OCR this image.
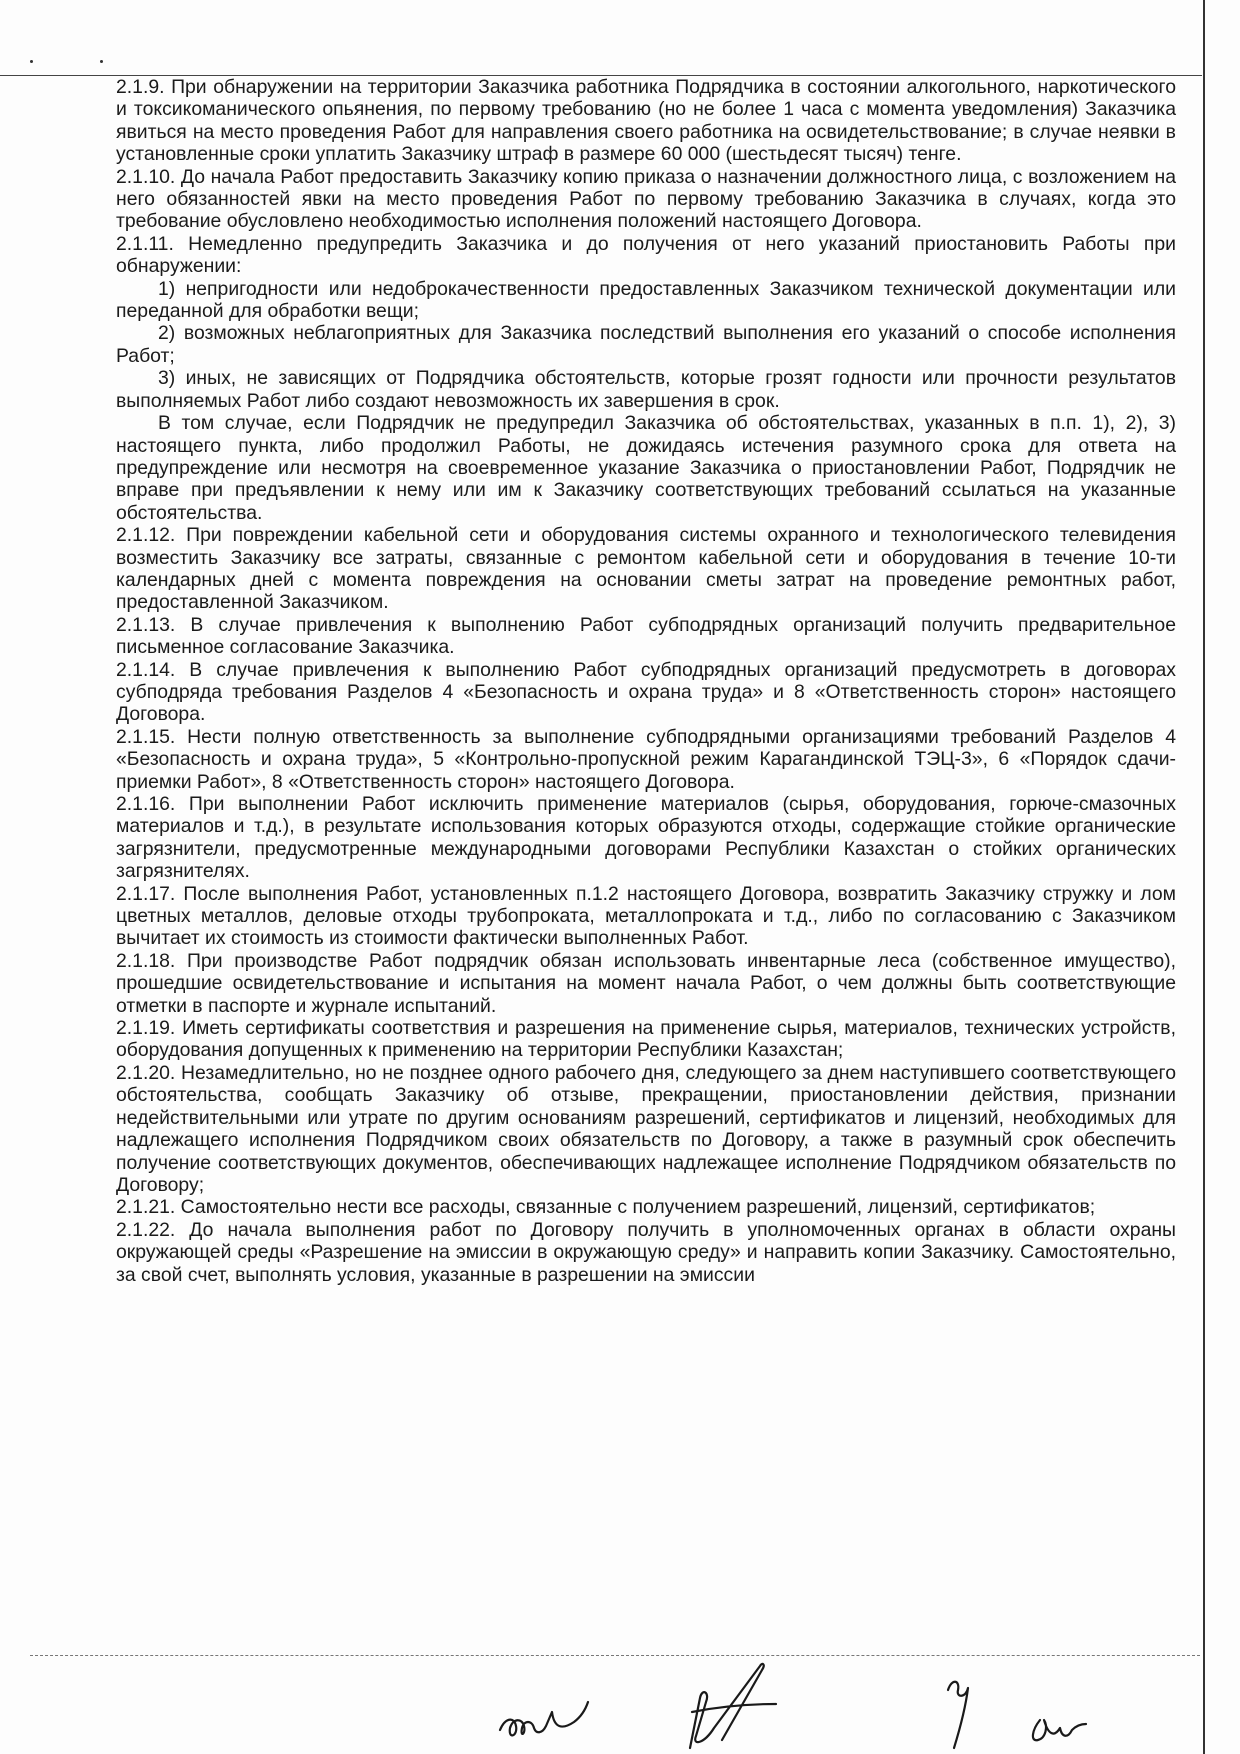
2.1.9. При обнаружении на территории Заказчика работника Подрядчика в состоянии алкогольного, наркотического и токсикоманического опьянения, по первому требованию (но не более 1 часа с момента уведомления) Заказчика явиться на место проведения Работ для направления своего работника на освидетельствование; в случае неявки в установленные сроки уплатить Заказчику штраф в размере 60 000 (шестьдесят тысяч) тенге.

2.1.10. До начала Работ предоставить Заказчику копию приказа о назначении должностного лица, с возложением на него обязанностей явки на место проведения Работ по первому требованию Заказчика в случаях, когда это требование обусловлено необходимостью исполнения положений настоящего Договора.

2.1.11. Немедленно предупредить Заказчика и до получения от него указаний приостановить Работы при обнаружении:

1) непригодности или недоброкачественности предоставленных Заказчиком технической документации или переданной для обработки вещи;

2) возможных неблагоприятных для Заказчика последствий выполнения его указаний о способе исполнения Работ;

3) иных, не зависящих от Подрядчика обстоятельств, которые грозят годности или прочности результатов выполняемых Работ либо создают невозможность их завершения в срок.

В том случае, если Подрядчик не предупредил Заказчика об обстоятельствах, указанных в п.п. 1), 2), 3) настоящего пункта, либо продолжил Работы, не дожидаясь истечения разумного срока для ответа на предупреждение или несмотря на своевременное указание Заказчика о приостановлении Работ, Подрядчик не вправе при предъявлении к нему или им к Заказчику соответствующих требований ссылаться на указанные обстоятельства.

2.1.12. При повреждении кабельной сети и оборудования системы охранного и технологического телевидения возместить Заказчику все затраты, связанные с ремонтом кабельной сети и оборудования в течение 10-ти календарных дней с момента повреждения на основании сметы затрат на проведение ремонтных работ, предоставленной Заказчиком.

2.1.13. В случае привлечения к выполнению Работ субподрядных организаций получить предварительное письменное согласование Заказчика.

2.1.14. В случае привлечения к выполнению Работ субподрядных организаций предусмотреть в договорах субподряда требования Разделов 4 «Безопасность и охрана труда» и 8 «Ответственность сторон» настоящего Договора.

2.1.15. Нести полную ответственность за выполнение субподрядными организациями требований Разделов 4 «Безопасность и охрана труда», 5 «Контрольно-пропускной режим Карагандинской ТЭЦ-3», 6 «Порядок сдачи-приемки Работ», 8 «Ответственность сторон» настоящего Договора.

2.1.16. При выполнении Работ исключить применение материалов (сырья, оборудования, горюче-смазочных материалов и т.д.), в результате использования которых образуются отходы, содержащие стойкие органические загрязнители, предусмотренные международными договорами Республики Казахстан о стойких органических загрязнителях.

2.1.17. После выполнения Работ, установленных п.1.2 настоящего Договора, возвратить Заказчику стружку и лом цветных металлов, деловые отходы трубопроката, металлопроката и т.д., либо по согласованию с Заказчиком вычитает их стоимость из стоимости фактически выполненных Работ.

2.1.18. При производстве Работ подрядчик обязан использовать инвентарные леса (собственное имущество), прошедшие освидетельствование и испытания на момент начала Работ, о чем должны быть соответствующие отметки в паспорте и журнале испытаний.

2.1.19. Иметь сертификаты соответствия и разрешения на применение сырья, материалов, технических устройств, оборудования допущенных к применению на территории Республики Казахстан;

2.1.20. Незамедлительно, но не позднее одного рабочего дня, следующего за днем наступившего соответствующего обстоятельства, сообщать Заказчику об отзыве, прекращении, приостановлении действия, признании недействительными или утрате по другим основаниям разрешений, сертификатов и лицензий, необходимых для надлежащего исполнения Подрядчиком своих обязательств по Договору, а также в разумный срок обеспечить получение соответствующих документов, обеспечивающих надлежащее исполнение Подрядчиком обязательств по Договору;

2.1.21. Самостоятельно нести все расходы, связанные с получением разрешений, лицензий, сертификатов;

2.1.22. До начала выполнения работ по Договору получить в уполномоченных органах в области охраны окружающей среды «Разрешение на эмиссии в окружающую среду» и направить копии Заказчику. Самостоятельно, за свой счет, выполнять условия, указанные в разрешении на эмиссии
